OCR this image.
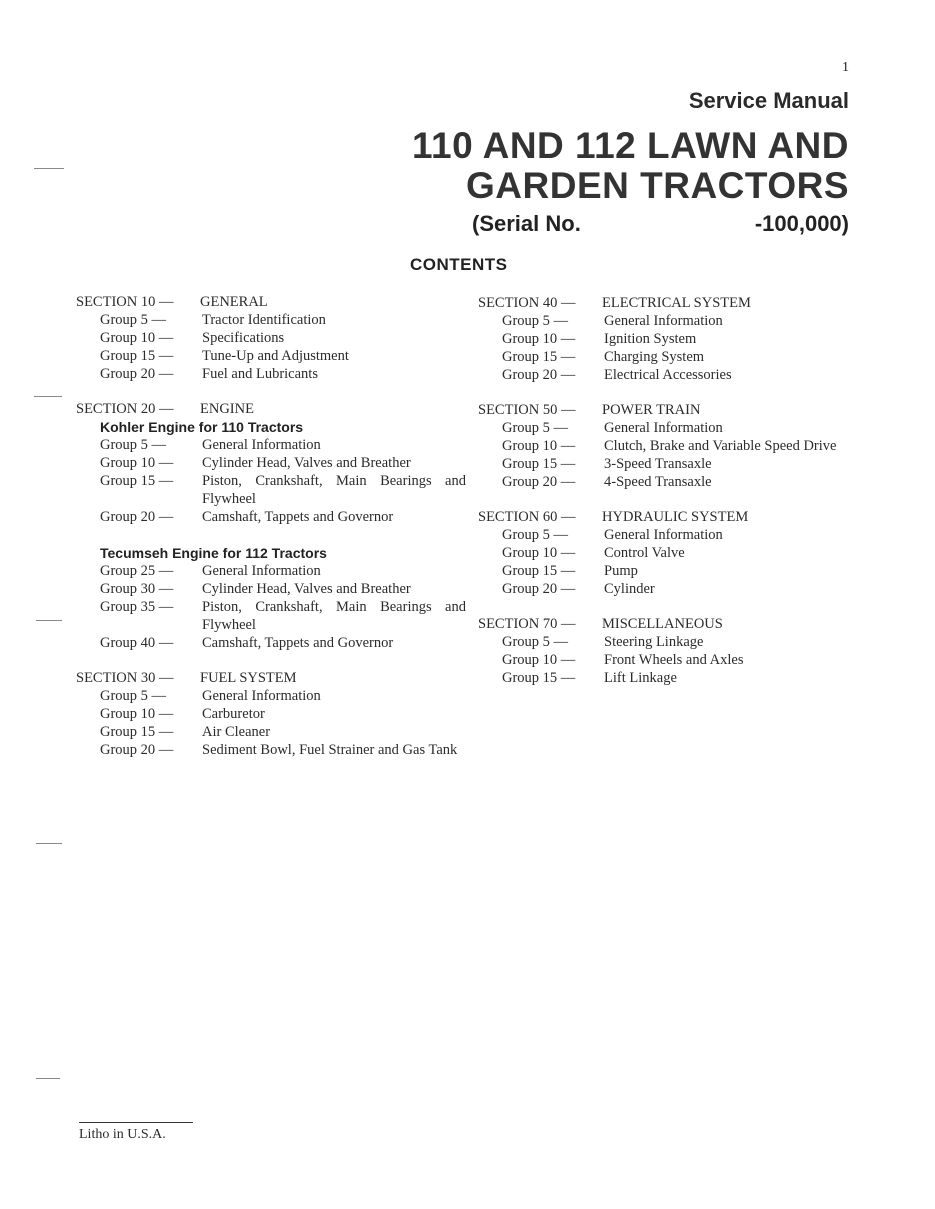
1
Service Manual
110 AND 112 LAWN AND
GARDEN TRACTORS
(Serial No.	-100,000)
CONTENTS
SECTION 10 —	GENERAL
Group 5 —	Tractor Identification
Group 10 —	Specifications
Group 15 —	Tune-Up and Adjustment
Group 20 —	Fuel and Lubricants
SECTION 20 —	ENGINE
Kohler Engine for 110 Tractors
Group 5 —	General Information
Group 10 —	Cylinder Head, Valves and Breather
Group 15 —	Piston, Crankshaft, Main Bearings and Flywheel
Group 20 —	Camshaft, Tappets and Governor
Tecumseh Engine for 112 Tractors
Group 25 —	General Information
Group 30 —	Cylinder Head, Valves and Breather
Group 35 —	Piston, Crankshaft, Main Bearings and Flywheel
Group 40 —	Camshaft, Tappets and Governor
SECTION 30 —	FUEL SYSTEM
Group 5 —	General Information
Group 10 —	Carburetor
Group 15 —	Air Cleaner
Group 20 —	Sediment Bowl, Fuel Strainer and Gas Tank
SECTION 40 —	ELECTRICAL SYSTEM
Group 5 —	General Information
Group 10 —	Ignition System
Group 15 —	Charging System
Group 20 —	Electrical Accessories
SECTION 50 —	POWER TRAIN
Group 5 —	General Information
Group 10 —	Clutch, Brake and Variable Speed Drive
Group 15 —	3-Speed Transaxle
Group 20 —	4-Speed Transaxle
SECTION 60 —	HYDRAULIC SYSTEM
Group 5 —	General Information
Group 10 —	Control Valve
Group 15 —	Pump
Group 20 —	Cylinder
SECTION 70 —	MISCELLANEOUS
Group 5 —	Steering Linkage
Group 10 —	Front Wheels and Axles
Group 15 —	Lift Linkage
Litho in U.S.A.
